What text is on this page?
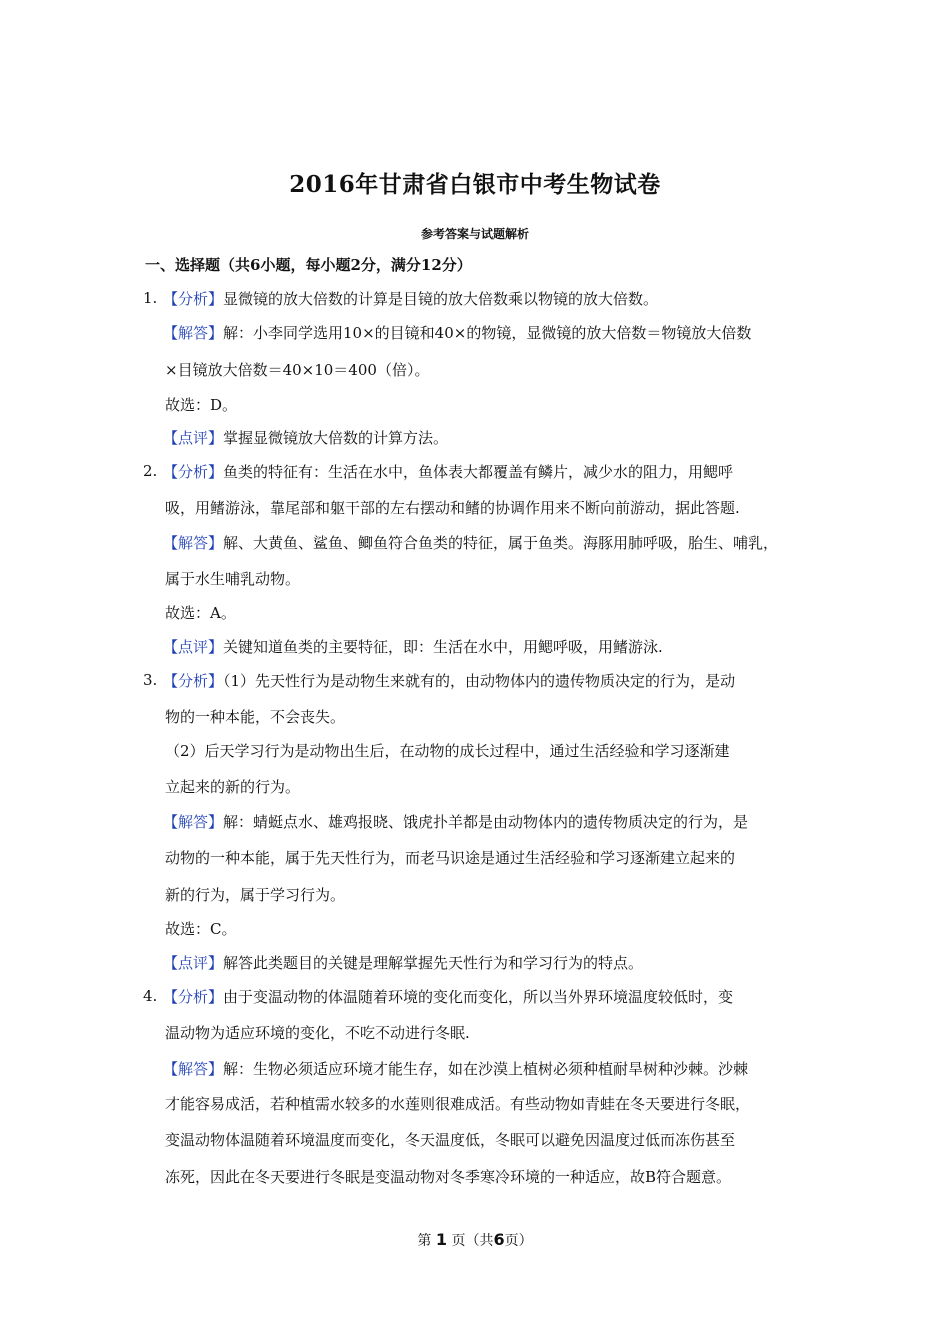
2016年甘肃省白银市中考生物试卷
参考答案与试题解析
一、选择题（共6小题，每小题2分，满分12分）
1. 【分析】显微镜的放大倍数的计算是目镜的放大倍数乘以物镜的放大倍数。
【解答】解：小李同学选用10×的目镜和40×的物镜，显微镜的放大倍数＝物镜放大倍数
×目镜放大倍数＝40×10＝400（倍）。
故选：D。
【点评】掌握显微镜放大倍数的计算方法。
2. 【分析】鱼类的特征有：生活在水中，鱼体表大都覆盖有鳞片，减少水的阻力，用鳃呼
吸，用鳍游泳，靠尾部和躯干部的左右摆动和鳍的协调作用来不断向前游动，据此答题.
【解答】解、大黄鱼、鲨鱼、鲫鱼符合鱼类的特征，属于鱼类。海豚用肺呼吸，胎生、哺乳，
属于水生哺乳动物。
故选：A。
【点评】关键知道鱼类的主要特征，即：生活在水中，用鳃呼吸，用鳍游泳.
3. 【分析】（1）先天性行为是动物生来就有的，由动物体内的遗传物质决定的行为，是动
物的一种本能，不会丧失。
（2）后天学习行为是动物出生后，在动物的成长过程中，通过生活经验和学习逐渐建
立起来的新的行为。
【解答】解：蜻蜓点水、雄鸡报晓、饿虎扑羊都是由动物体内的遗传物质决定的行为，是
动物的一种本能，属于先天性行为，而老马识途是通过生活经验和学习逐渐建立起来的
新的行为，属于学习行为。
故选：C。
【点评】解答此类题目的关键是理解掌握先天性行为和学习行为的特点。
4. 【分析】由于变温动物的体温随着环境的变化而变化，所以当外界环境温度较低时，变
温动物为适应环境的变化，不吃不动进行冬眠.
【解答】解：生物必须适应环境才能生存，如在沙漠上植树必须种植耐旱树种沙棘。沙棘
才能容易成活，若种植需水较多的水莲则很难成活。有些动物如青蛙在冬天要进行冬眠，
变温动物体温随着环境温度而变化，冬天温度低，冬眠可以避免因温度过低而冻伤甚至
冻死，因此在冬天要进行冬眠是变温动物对冬季寒冷环境的一种适应，故B符合题意。
第 1 页（共6页）
